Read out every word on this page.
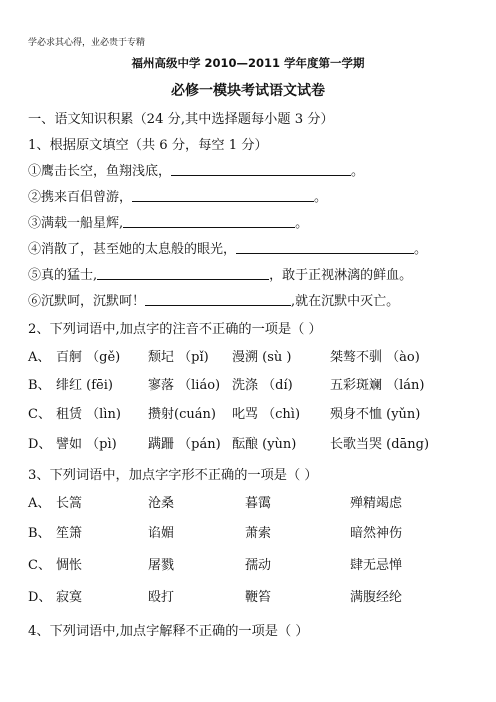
学必求其心得，业必贵于专精
福州高级中学 2010—2011 学年度第一学期
必修一模块考试语文试卷
一、语文知识积累（24 分,其中选择题每小题 3 分）
1、根据原文填空（共 6 分，每空 1 分）
①鹰击长空，鱼翔浅底，	。
②携来百侣曾游，	。
③满载一船星辉,	。
④消散了，甚至她的太息般的眼光，	。
⑤真的猛士,	，敢于正视淋漓的鲜血。
⑥沉默呵，沉默呵！	,就在沉默中灭亡。
2、下列词语中,加点字的注音不正确的一项是（ ）
A、 百舸 （gě) 颓圮 （pǐ) 漫溯 (sù )	桀骜不驯 （ào)
B、 绯红 (fēi)	寥落 （liáo) 洗涤 （dí)	五彩斑斓 （lán)
C、 租赁 （lìn) 攒射(cuán) 叱骂 （chì) 殒身不恤 (yǔn)
D、 譬如 （pì) 蹒跚 （pán) 酝酿 (yùn)	长歌当哭 (dāng)
3、下列词语中，加点字字形不正确的一项是（ ）
A、 长篙	沧桑	暮霭	殚精竭虑
B、 笙箫	谄媚	萧索	暗然神伤
C、 惆怅	屠戮	孺动	肆无忌惮
D、 寂寞	殴打	鞭笞	满腹经纶
4、下列词语中,加点字解释不正确的一项是（ ）
